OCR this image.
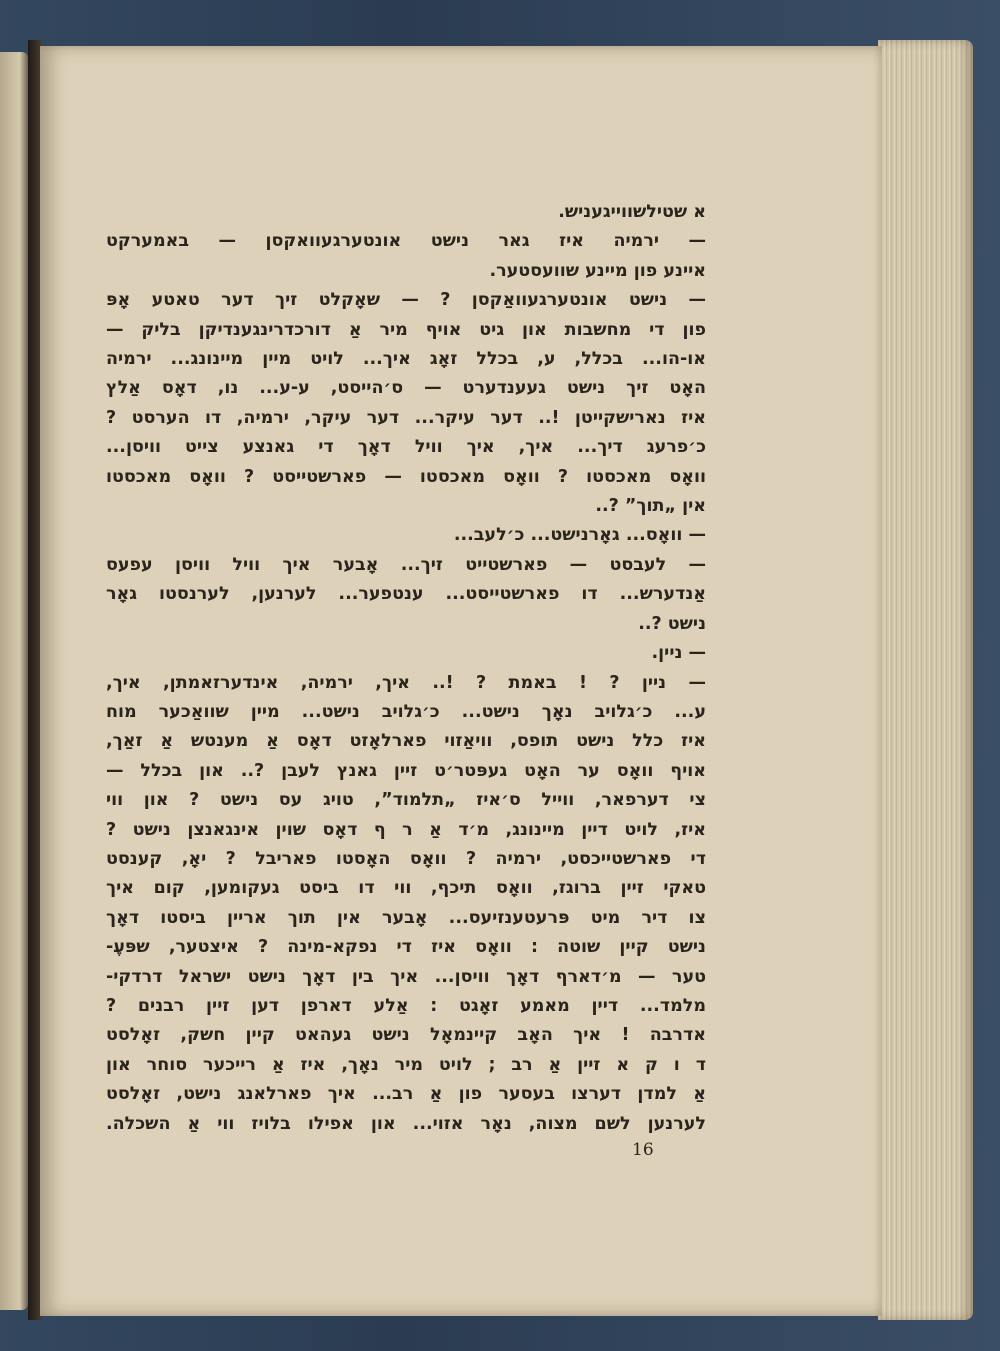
א שטילשווייגעניש.
— ירמיה איז גאר נישט אונטערגעוואקסן — באמערקט
איינע פון מיינע שוועסטער.
— נישט אונטערגעוואַקסן ? — שאָקלט זיך דער טאטע אָפּ
פון די מחשבות און גיט אויף מיר אַ דורכדרינגענדיקן בליק —
או-הו... בכלל, ע, בכלל זאָג איך... לויט מיין מיינונג... ירמיה
האָט זיך נישט געענדערט — ס׳הייסט, ע-ע... נו, דאָס אַלץ
איז נארישקייטן !.. דער עיקר... דער עיקר, ירמיה, דו הערסט ?
כ׳פרעג דיך... איך, איך וויל דאָך די גאנצע צייט וויסן...
וואָס מאכסטו ? וואָס מאכסטו — פארשטייסט ? וואָס מאכסטו
אין „תוך” ?..
— וואָס... גאָרנישט... כ׳לעב...
— לעבסט — פארשטייט זיך... אָבער איך וויל וויסן עפעס
אַנדערש... דו פארשטייסט... ענטפער... לערנען, לערנסטו גאָר
נישט ?..
— ניין.
— ניין ? ! באמת ? !.. איך, ירמיה, אינדערזאמתן, איך,
ע... כ׳גלויב נאָך נישט... כ׳גלויב נישט... מיין שוואַכער מוח
איז כלל נישט תופס, וויאַזוי פארלאָזט דאָס אַ מענטש אַ זאַך,
אויף וואָס ער האָט געפּטר׳ט זיין גאנץ לעבן ?.. און בכלל —
צי דערפאר, ווייל ס׳איז „תלמוד”, טויג עס נישט ? און ווי
איז, לויט דיין מיינונג, מ׳ד אַ ר ף דאָס שוין אינגאנצן נישט ?
די פארשטייכסט, ירמיה ? וואָס האָסטו פאריבל ? יאָ, קענסט
טאקי זיין ברוגז, וואָס תיכף, ווי דו ביסט געקומען, קום איך
צו דיר מיט פּרעטענזיעס... אָבער אין תוך אריין ביסטו דאָך
נישט קיין שוטה : וואָס איז די נפקא-מינה ? איצטער, שפּעֶ-
טער — מ׳דארף דאָך וויסן... איך בין דאָך נישט ישראל דרדקי-
מלמד... דיין מאמע זאָגט : אַלע דארפן דען זיין רבנים ?
אדרבה ! איך האָב קיינמאָל נישט געהאט קיין חשק, זאָלסט
ד ו ק א זיין אַ רב ; לויט מיר נאָך, איז אַ רייכער סוחר און
אַ למדן דערצו בעסער פון אַ רב... איך פארלאנג נישט, זאָלסט
לערנען לשם מצוה, נאָר אזוי... און אפילו בלויז ווי אַ השכלה.
16
